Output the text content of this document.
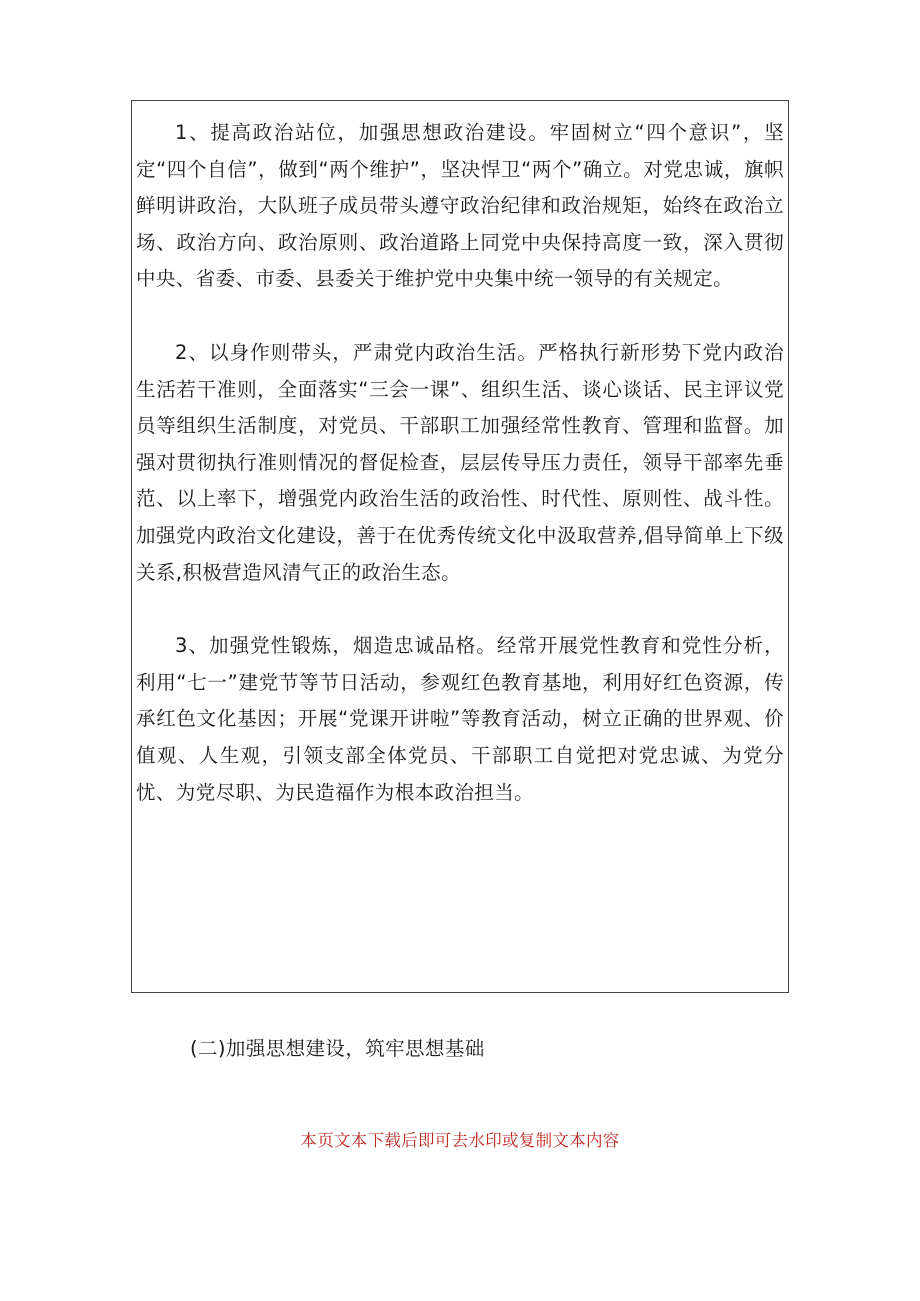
1、提高政治站位，加强思想政治建设。牢固树立“四个意识”，坚定“四个自信”，做到“两个维护”，坚决悍卫“两个”确立。对党忠诚，旗帜鲜明讲政治，大队班子成员带头遵守政治纪律和政治规矩，始终在政治立场、政治方向、政治原则、政治道路上同党中央保持高度一致，深入贯彻中央、省委、市委、县委关于维护党中央集中统一领导的有关规定。

2、以身作则带头，严肃党内政治生活。严格执行新形势下党内政治生活若干准则，全面落实“三会一课”、组织生活、谈心谈话、民主评议党员等组织生活制度，对党员、干部职工加强经常性教育、管理和监督。加强对贯彻执行准则情况的督促检查，层层传导压力责任，领导干部率先垂范、以上率下，增强党内政治生活的政治性、时代性、原则性、战斗性。加强党内政治文化建设，善于在优秀传统文化中汲取营养,倡导简单上下级关系,积极营造风清气正的政治生态。

3、加强党性锻炼，烟造忠诚品格。经常开展党性教育和党性分析，利用“七一”建党节等节日活动，参观红色教育基地，利用好红色资源，传承红色文化基因；开展“党课开讲啦”等教育活动，树立正确的世界观、价值观、人生观，引领支部全体党员、干部职工自觉把对党忠诚、为党分忧、为党尽职、为民造福作为根本政治担当。

(二)加强思想建设，筑牢思想基础

本页文本下载后即可去水印或复制文本内容
